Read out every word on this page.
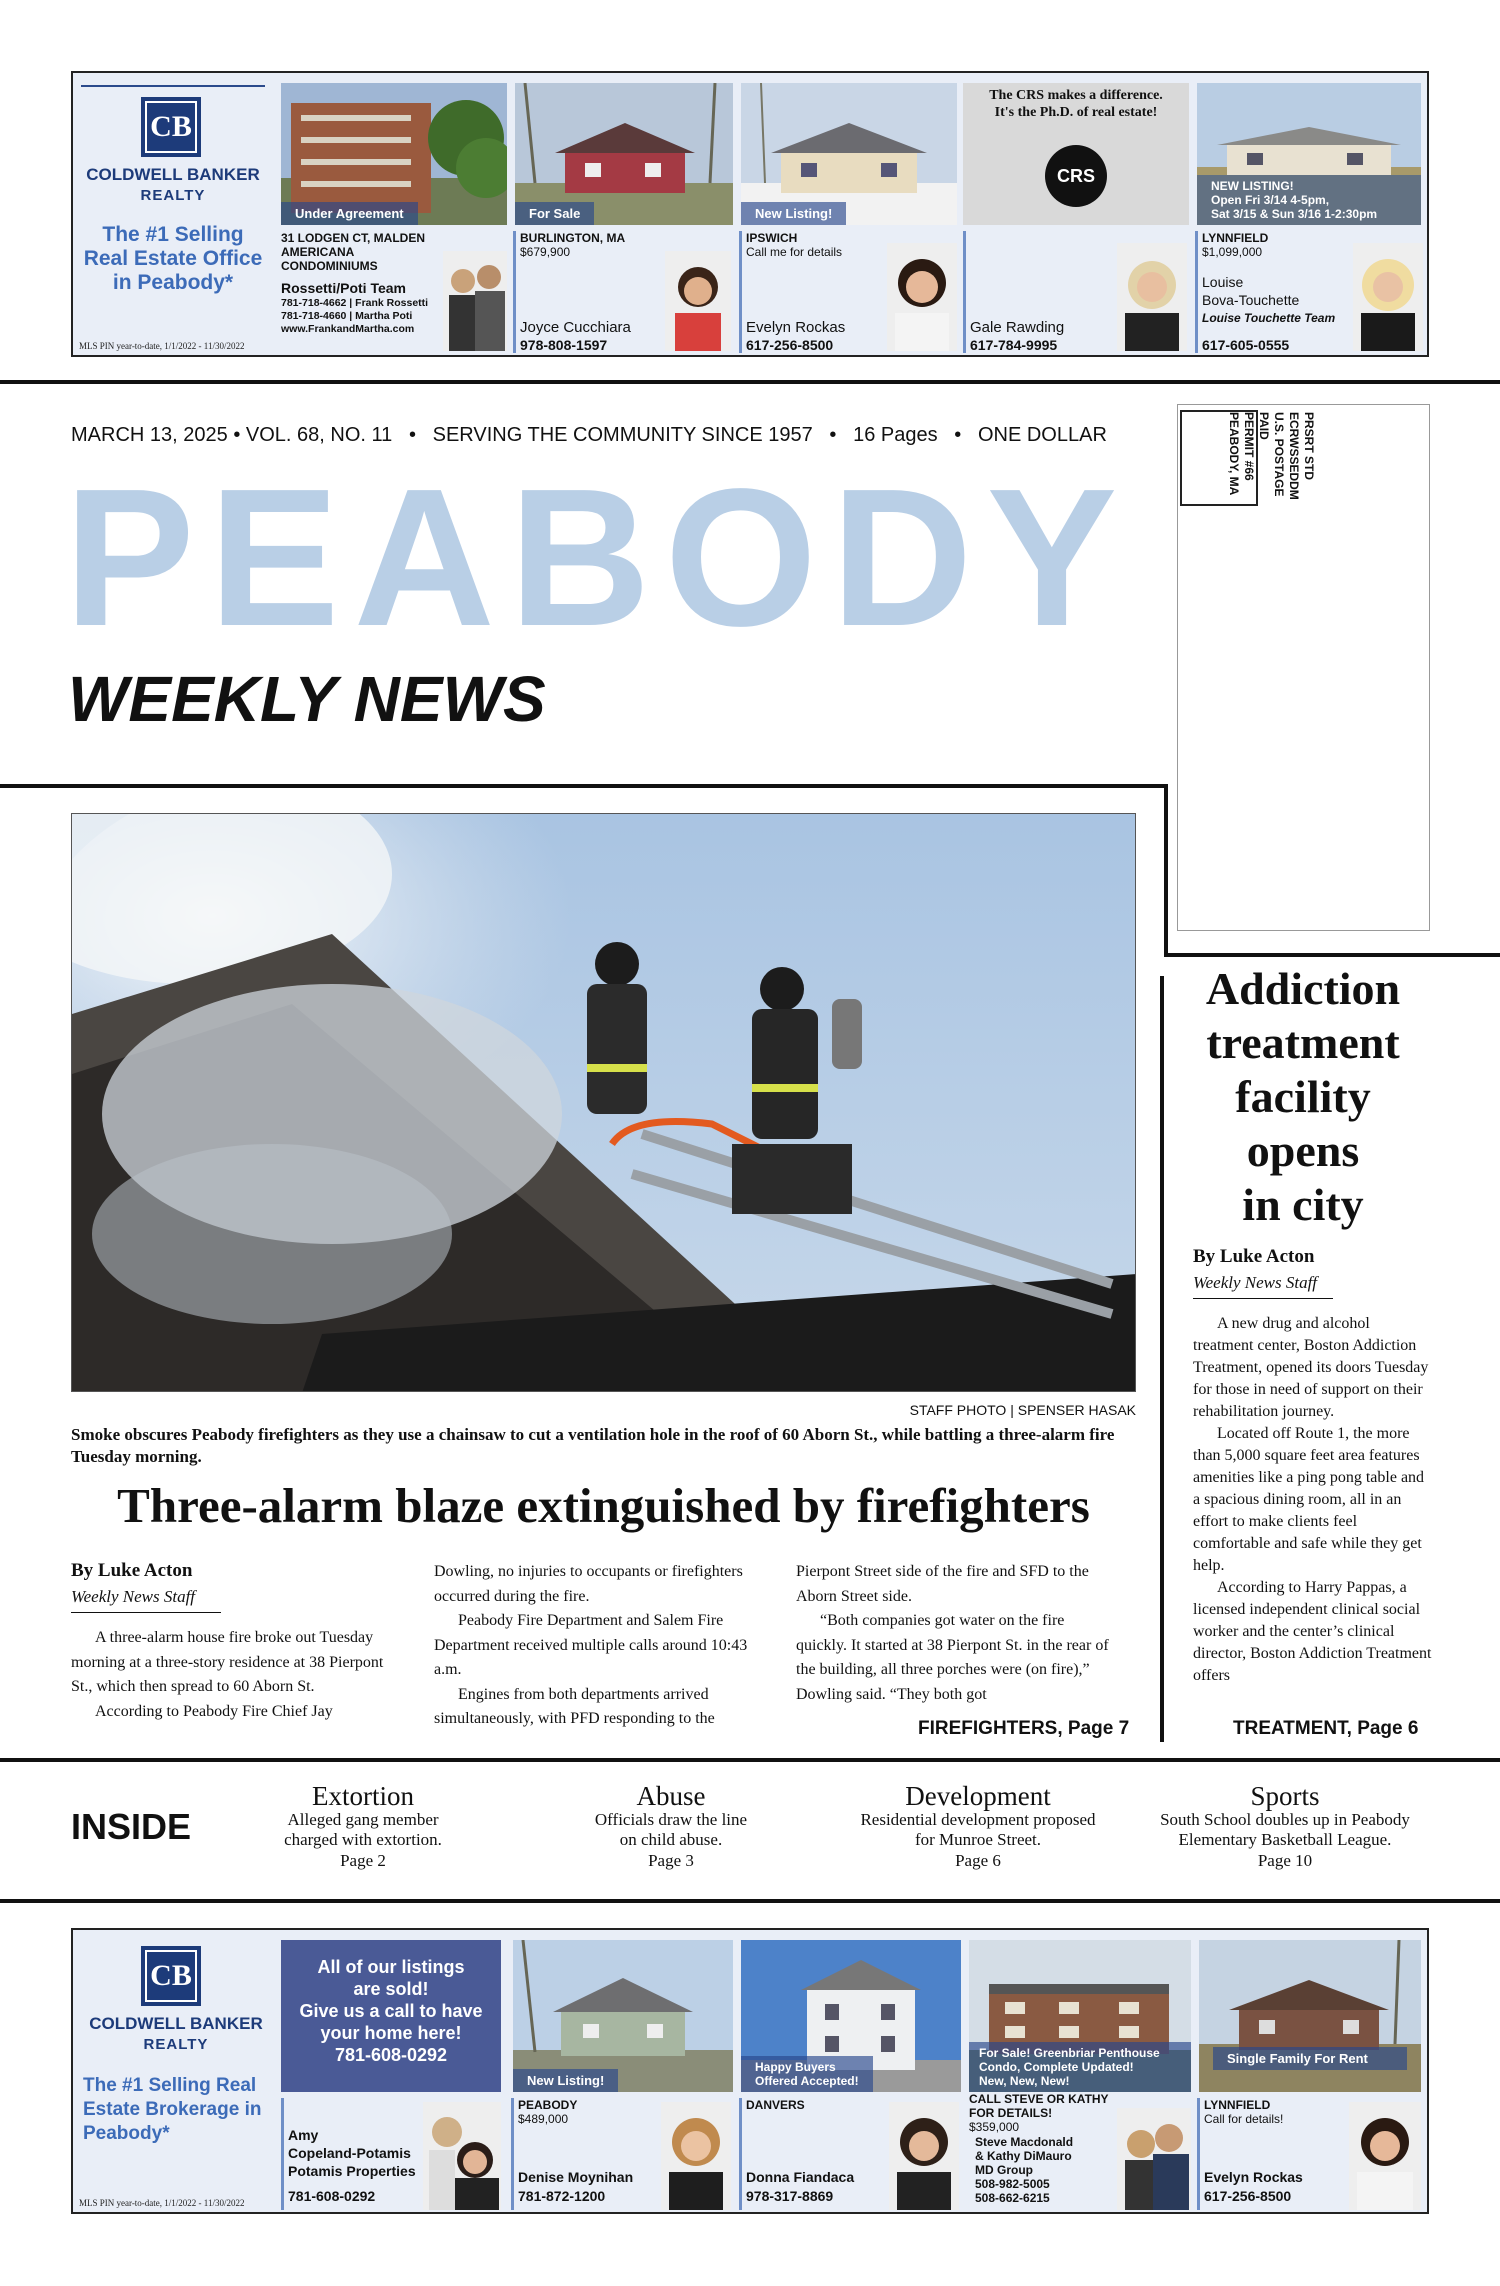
CB
COLDWELL BANKER
REALTY
The #1 Selling Real Estate Office in Peabody*
MLS PIN year-to-date, 1/1/2022 - 11/30/2022
Under Agreement
31 LODGEN CT, MALDEN
AMERICANA
CONDOMINIUMS
Rossetti/Poti Team
781-718-4662 | Frank Rossetti
781-718-4660 | Martha Poti
www.FrankandMartha.com
For Sale
BURLINGTON, MA
$679,900
Joyce Cucchiara
978-808-1597
New Listing!
IPSWICH
Call me for details
Evelyn Rockas
617-256-8500
The CRS makes a difference.
It's the Ph.D. of real estate!
CRS
Gale Rawding
617-784-9995
NEW LISTING!
Open Fri 3/14 4-5pm,
Sat 3/15 & Sun 3/16 1-2:30pm
LYNNFIELD
$1,099,000
Louise
Bova-Touchette
Louise Touchette Team
617-605-0555
MARCH 13, 2025 • VOL. 68, NO. 11 • SERVING THE COMMUNITY SINCE 1957 • 16 Pages • ONE DOLLAR
PEABODY
WEEKLY NEWS
PRSRT STD
ECRWSSEDDM
U.S. POSTAGE
PAID
PERMIT #66
PEABODY, MA
STAFF PHOTO | SPENSER HASAK
Smoke obscures Peabody firefighters as they use a chainsaw to cut a ventilation hole in the roof of 60 Aborn St., while battling a three-alarm fire Tuesday morning.
Three-alarm blaze extinguished by firefighters
By Luke Acton
Weekly News Staff

A three-alarm house fire broke out Tuesday morning at a three-story residence at 38 Pierpont St., which then spread to 60 Aborn St.

According to Peabody Fire Chief Jay

Dowling, no injuries to occupants or firefighters occurred during the fire.

Peabody Fire Department and Salem Fire Department received multiple calls around 10:43 a.m.

Engines from both departments arrived simultaneously, with PFD responding to the

Pierpont Street side of the fire and SFD to the Aborn Street side.

“Both companies got water on the fire quickly. It started at 38 Pierpont St. in the rear of the building, all three porches were (on fire),” Dowling said. “They both got

FIREFIGHTERS, Page 7
Addiction
treatment
facility
opens
in city
By Luke Acton
Weekly News Staff

A new drug and alcohol treatment center, Boston Addiction Treatment, opened its doors Tuesday for those in need of support on their rehabilitation journey.

Located off Route 1, the more than 5,000 square feet area features amenities like a ping pong table and a spacious dining room, all in an effort to make clients feel comfortable and safe while they get help.

According to Harry Pappas, a licensed independent clinical social worker and the center’s clinical director, Boston Addiction Treatment offers

TREATMENT, Page 6
INSIDE
Extortion
Alleged gang member charged with extortion.
Page 2
Abuse
Officials draw the line on child abuse.
Page 3
Development
Residential development proposed for Munroe Street.
Page 6
Sports
South School doubles up in Peabody Elementary Basketball League.
Page 10
CB
COLDWELL BANKER
REALTY
The #1 Selling Real Estate Brokerage in Peabody*
MLS PIN year-to-date, 1/1/2022 - 11/30/2022
All of our listings
are sold!
Give us a call to have
your home here!
781-608-0292
Amy
Copeland-Potamis
Potamis Properties
781-608-0292
New Listing!
PEABODY
$489,000
Denise Moynihan
781-872-1200
Happy Buyers
Offered Accepted!
DANVERS
Donna Fiandaca
978-317-8869
For Sale! Greenbriar Penthouse
Condo, Complete Updated!
New, New, New!
CALL STEVE OR KATHY FOR DETAILS!
$359,000
Steve Macdonald
& Kathy DiMauro
MD Group
508-982-5005
508-662-6215
Single Family For Rent
LYNNFIELD
Call for details!
Evelyn Rockas
617-256-8500
